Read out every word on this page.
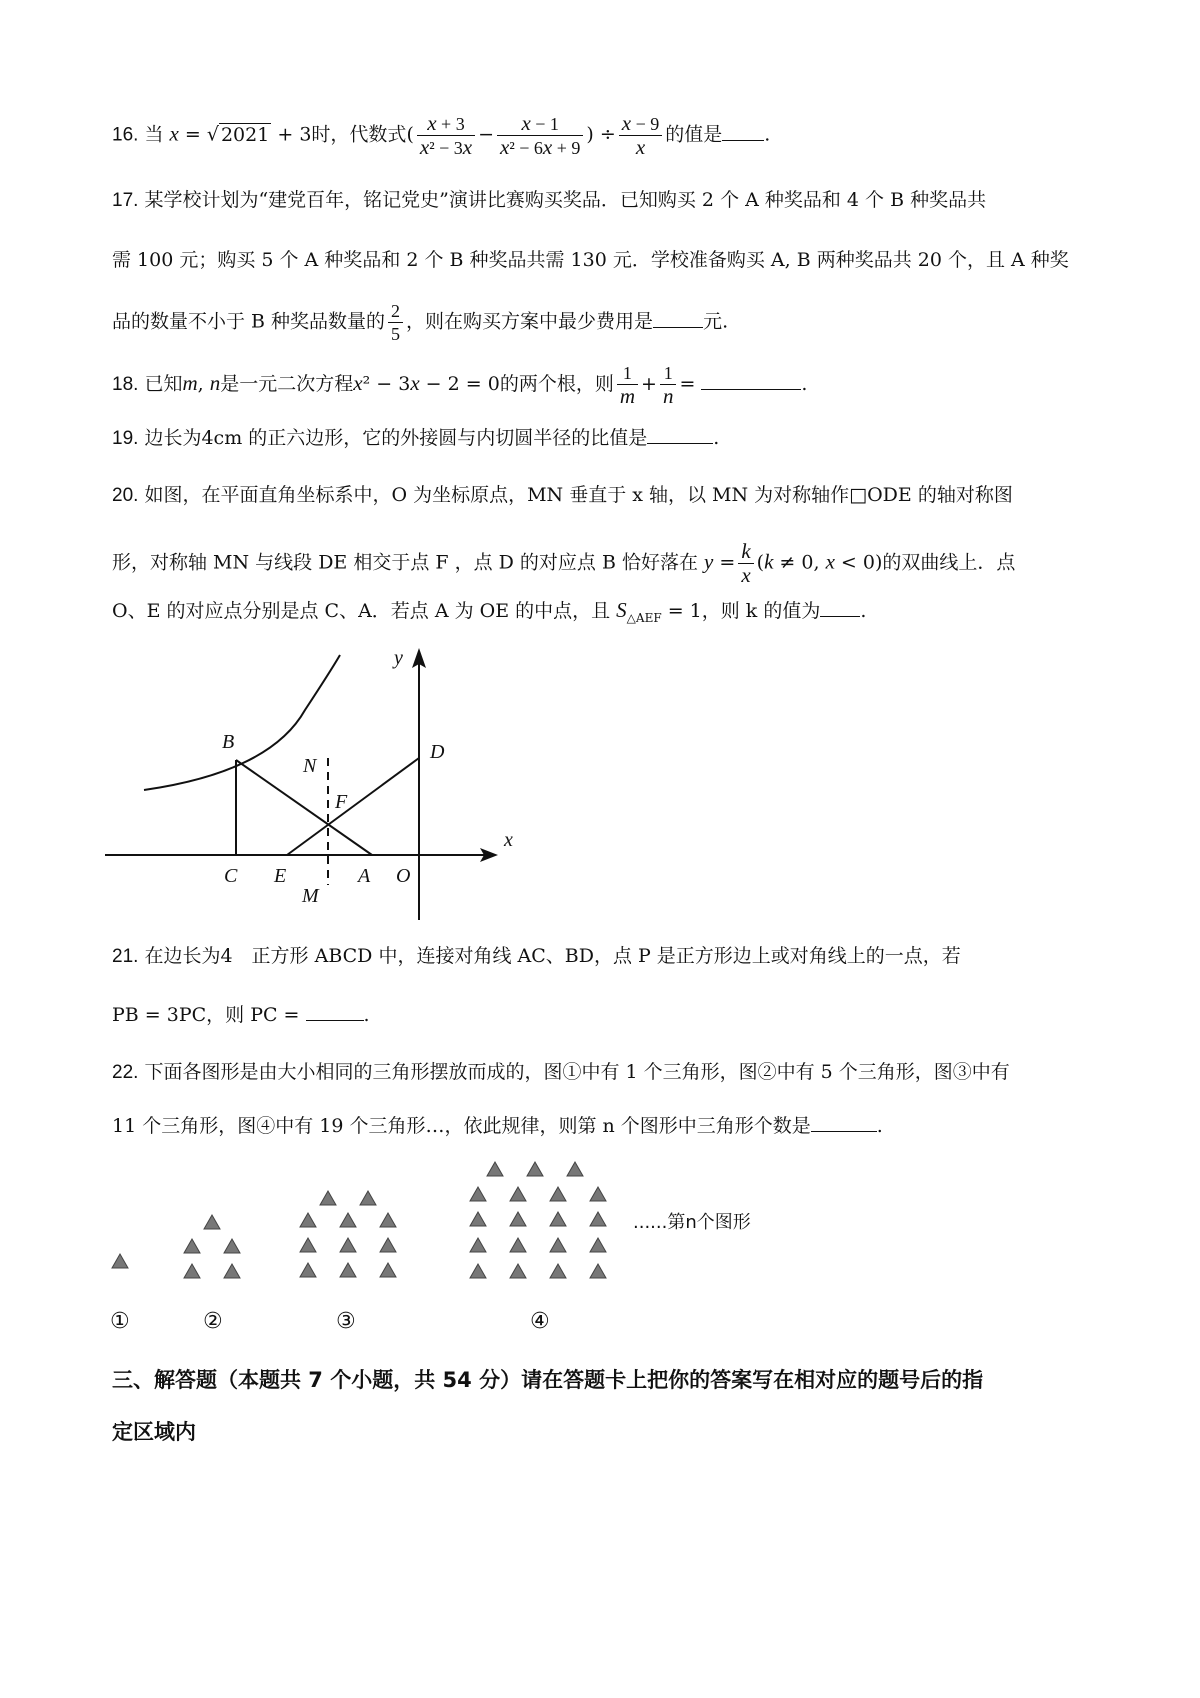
16. 当 x = √ 2021 + 3时，代数式( $\frac{x + 3}{\text{x² − 3x}} - \frac{x - 1}{\text{x² − 6x + 9}}$ ) ÷ $\frac{x - 9}{x}$ 的值是 .
17. 某学校计划为“建党百年，铭记党史”演讲比赛购买奖品．已知购买 2 个 A 种奖品和 4 个 B 种奖品共
需 100 元；购买 5 个 A 种奖品和 2 个 B 种奖品共需 130 元．学校准备购买 A, B 两种奖品共 20 个，且 A 种奖
品的数量不小于 B 种奖品数量的 $\frac{2}{5}$ ，则在购买方案中最少费用是	元.
18. 已知m, n是一元二次方程x² − 3x − 2 = 0的两个根，则 $\frac{1}{m} + \frac{1}{n}$ =	.
19. 边长为4cm 的正六边形，它的外接圆与内切圆半径的比值是	.
20. 如图，在平面直角坐标系中，O 为坐标原点，MN 垂直于 x 轴，以 MN 为对称轴作□ODE 的轴对称图
形，对称轴 MN 与线段 DE 相交于点 F ，点 D 的对应点 B 恰好落在 $y = \frac{k}{x} (k \ne 0$, x < 0)的双曲线上．点
O、E 的对应点分别是点 C、A．若点 A 为 OE 的中点，且 $S_{\triangle AEF} = 1$，则 k 的值为 .
y
x
B
N
F
D
C E	A O
M
21. 在边长为4　正方形 ABCD 中，连接对角线 AC、BD，点 P 是正方形边上或对角线上的一点，若
PB = 3PC，则 PC =	.
22. 下面各图形是由大小相同的三角形摆放而成的，图①中有 1 个三角形，图②中有 5 个三角形，图③中有
11 个三角形，图④中有 19 个三角形…，依此规律，则第 n 个图形中三角形个数是	.
①	②	③	④
......第n个图形
三、解答题（本题共 7 个小题，共 54 分）请在答题卡上把你的答案写在相对应的题号后的指
定区域内
